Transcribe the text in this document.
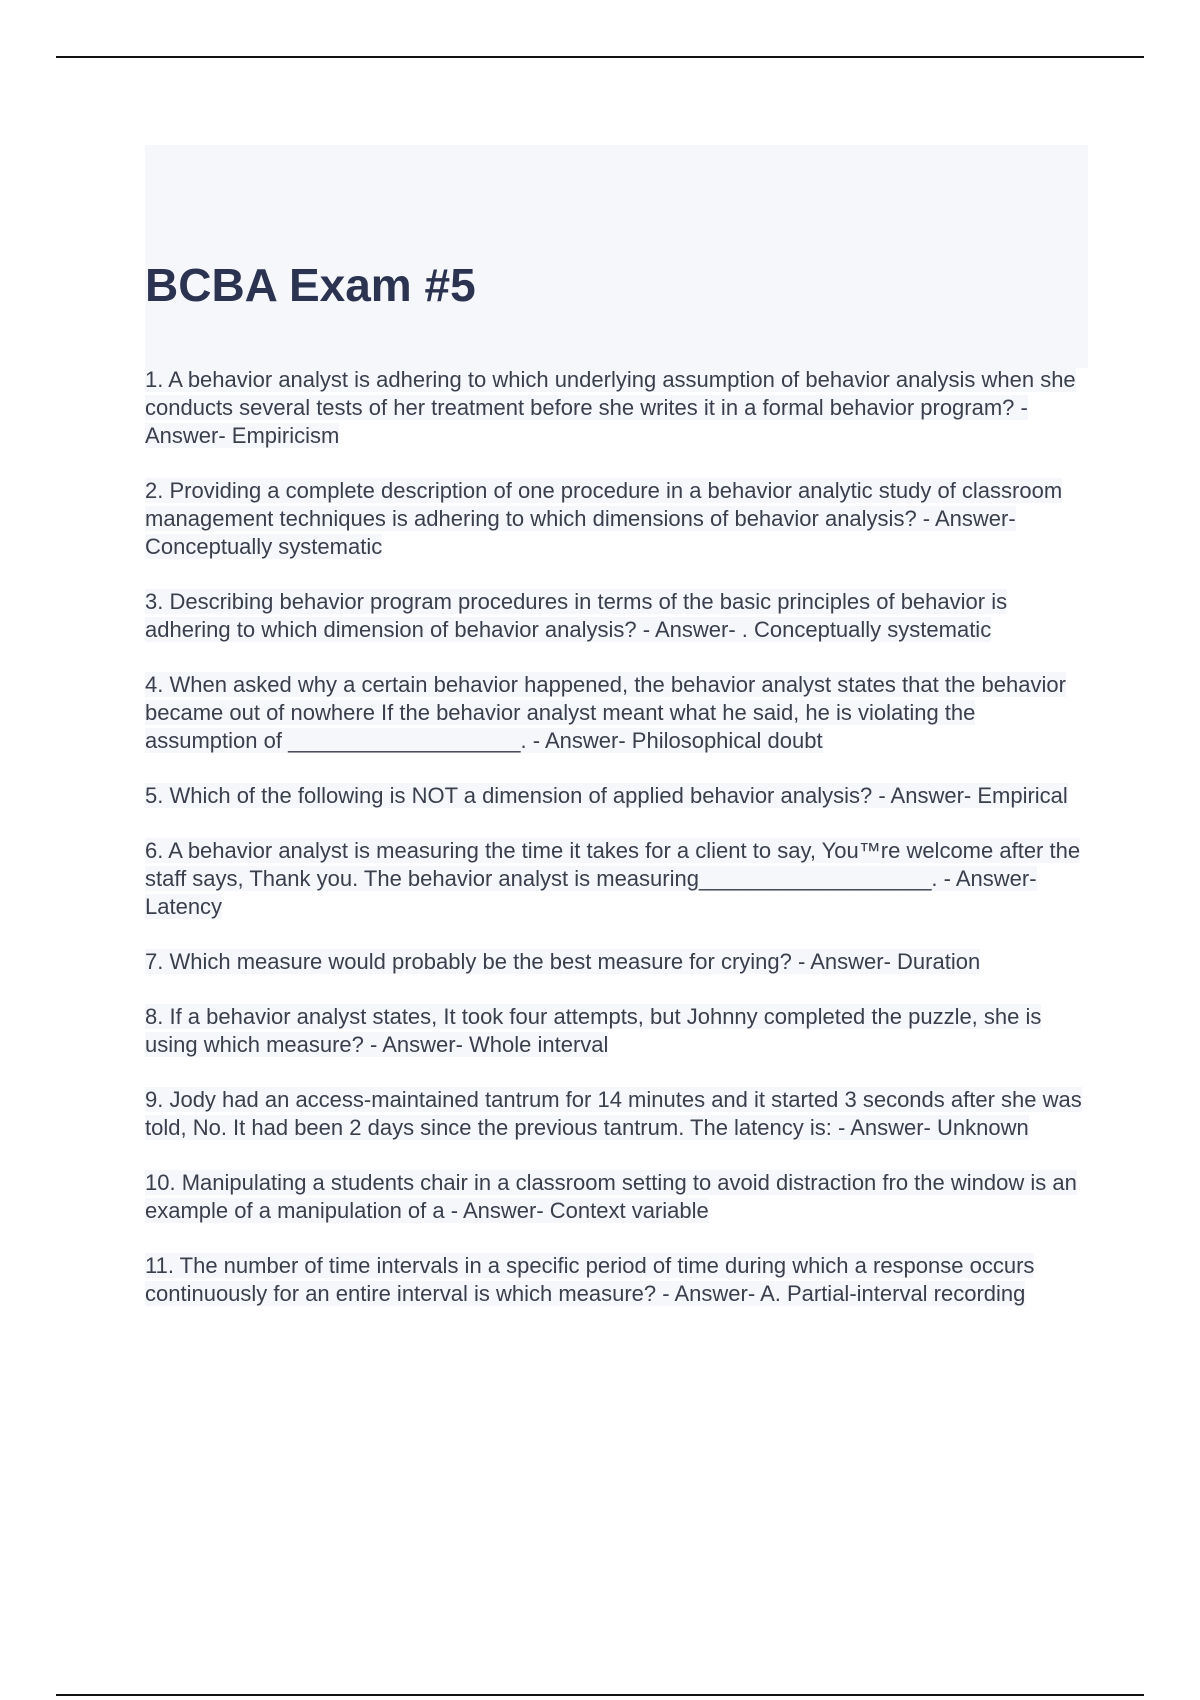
BCBA Exam #5
1. A behavior analyst is adhering to which underlying assumption of behavior analysis when she conducts several tests of her treatment before she writes it in a formal behavior program? - Answer- Empiricism
2. Providing a complete description of one procedure in a behavior analytic study of classroom management techniques is adhering to which dimensions of behavior analysis? - Answer- Conceptually systematic
3. Describing behavior program procedures in terms of the basic principles of behavior is adhering to which dimension of behavior analysis? - Answer- . Conceptually systematic
4. When asked why a certain behavior happened, the behavior analyst states that the behavior became out of nowhere If the behavior analyst meant what he said, he is violating the assumption of ___________________. - Answer- Philosophical doubt
5. Which of the following is NOT a dimension of applied behavior analysis? - Answer- Empirical
6. A behavior analyst is measuring the time it takes for a client to say, You™re welcome after the staff says, Thank you. The behavior analyst is measuring___________________. - Answer- Latency
7. Which measure would probably be the best measure for crying? - Answer- Duration
8. If a behavior analyst states, It took four attempts, but Johnny completed the puzzle, she is using which measure? - Answer- Whole interval
9. Jody had an access-maintained tantrum for 14 minutes and it started 3 seconds after she was told, No. It had been 2 days since the previous tantrum. The latency is: - Answer- Unknown
10. Manipulating a students chair in a classroom setting to avoid distraction fro the window is an example of a manipulation of a - Answer- Context variable
11. The number of time intervals in a specific period of time during which a response occurs continuously for an entire interval is which measure? - Answer- A. Partial-interval recording
